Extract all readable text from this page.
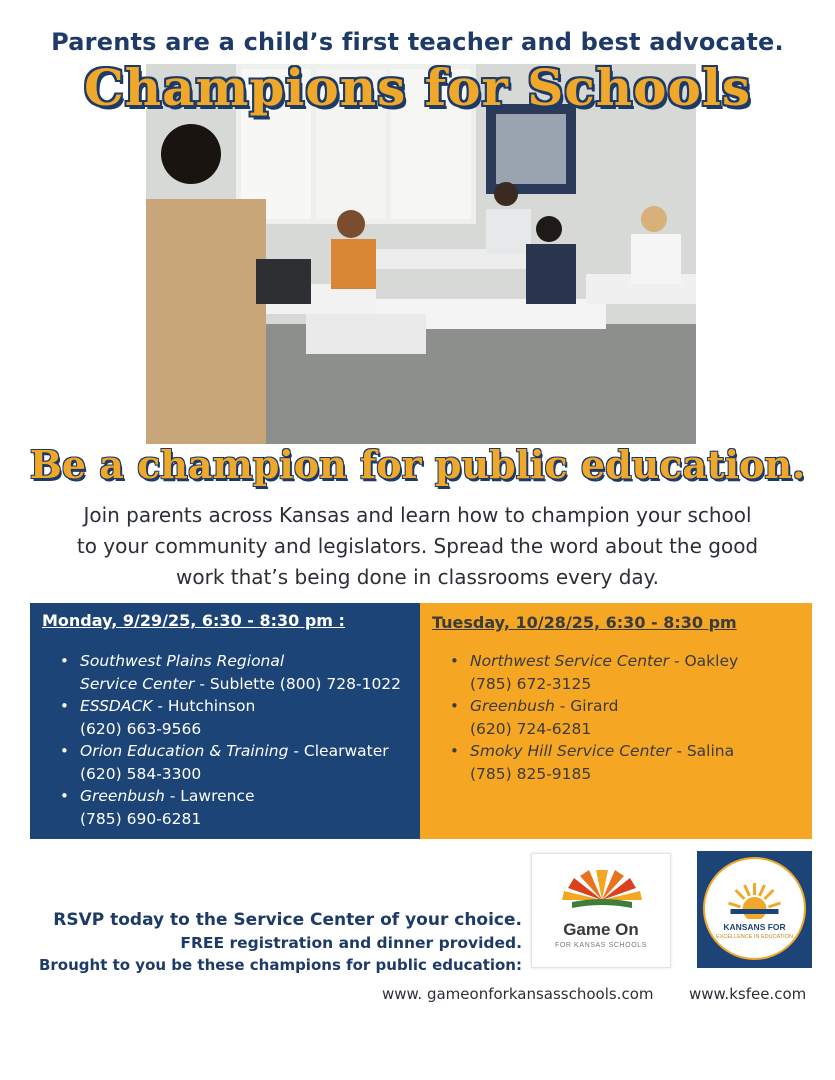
Parents are a child’s first teacher and best advocate.
Champions for Schools
Be a champion for public education.
Join parents across Kansas and learn how to champion your school
to your community and legislators. Spread the word about the good
work that’s being done in classrooms every day.
Monday, 9/29/25, 6:30 - 8:30 pm :
• Southwest Plains Regional
Service Center - Sublette (800) 728-1022
• ESSDACK - Hutchinson
(620) 663-9566
• Orion Education & Training - Clearwater
(620) 584-3300
• Greenbush - Lawrence
(785) 690-6281
Tuesday, 10/28/25, 6:30 - 8:30 pm
• Northwest Service Center - Oakley
(785) 672-3125
• Greenbush - Girard
(620) 724-6281
• Smoky Hill Service Center - Salina
(785) 825-9185
RSVP today to the Service Center of your choice.
FREE registration and dinner provided.
Brought to you be these champions for public education:
Game On
FOR KANSAS SCHOOLS
KANSANS FOR
EXCELLENCE IN EDUCATION
www. gameonforkansasschools.com www.ksfee.com
